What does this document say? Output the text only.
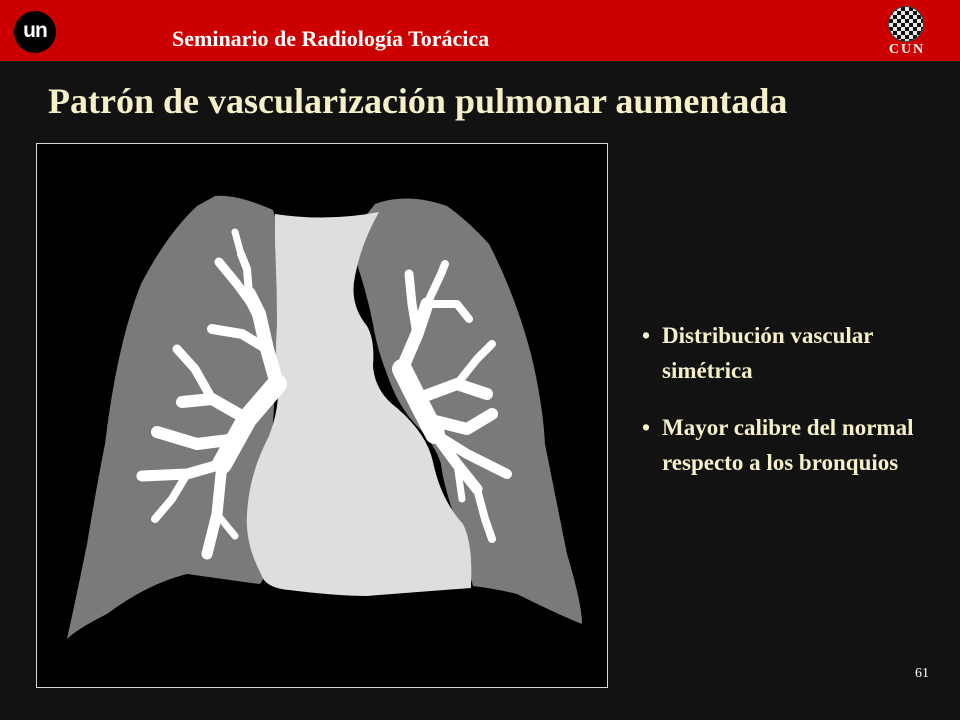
un	Seminario de Radiología Torácica	CUN
Patrón de vascularización pulmonar aumentada
• Distribución vascular simétrica
• Mayor calibre del normal respecto a los bronquios
61
